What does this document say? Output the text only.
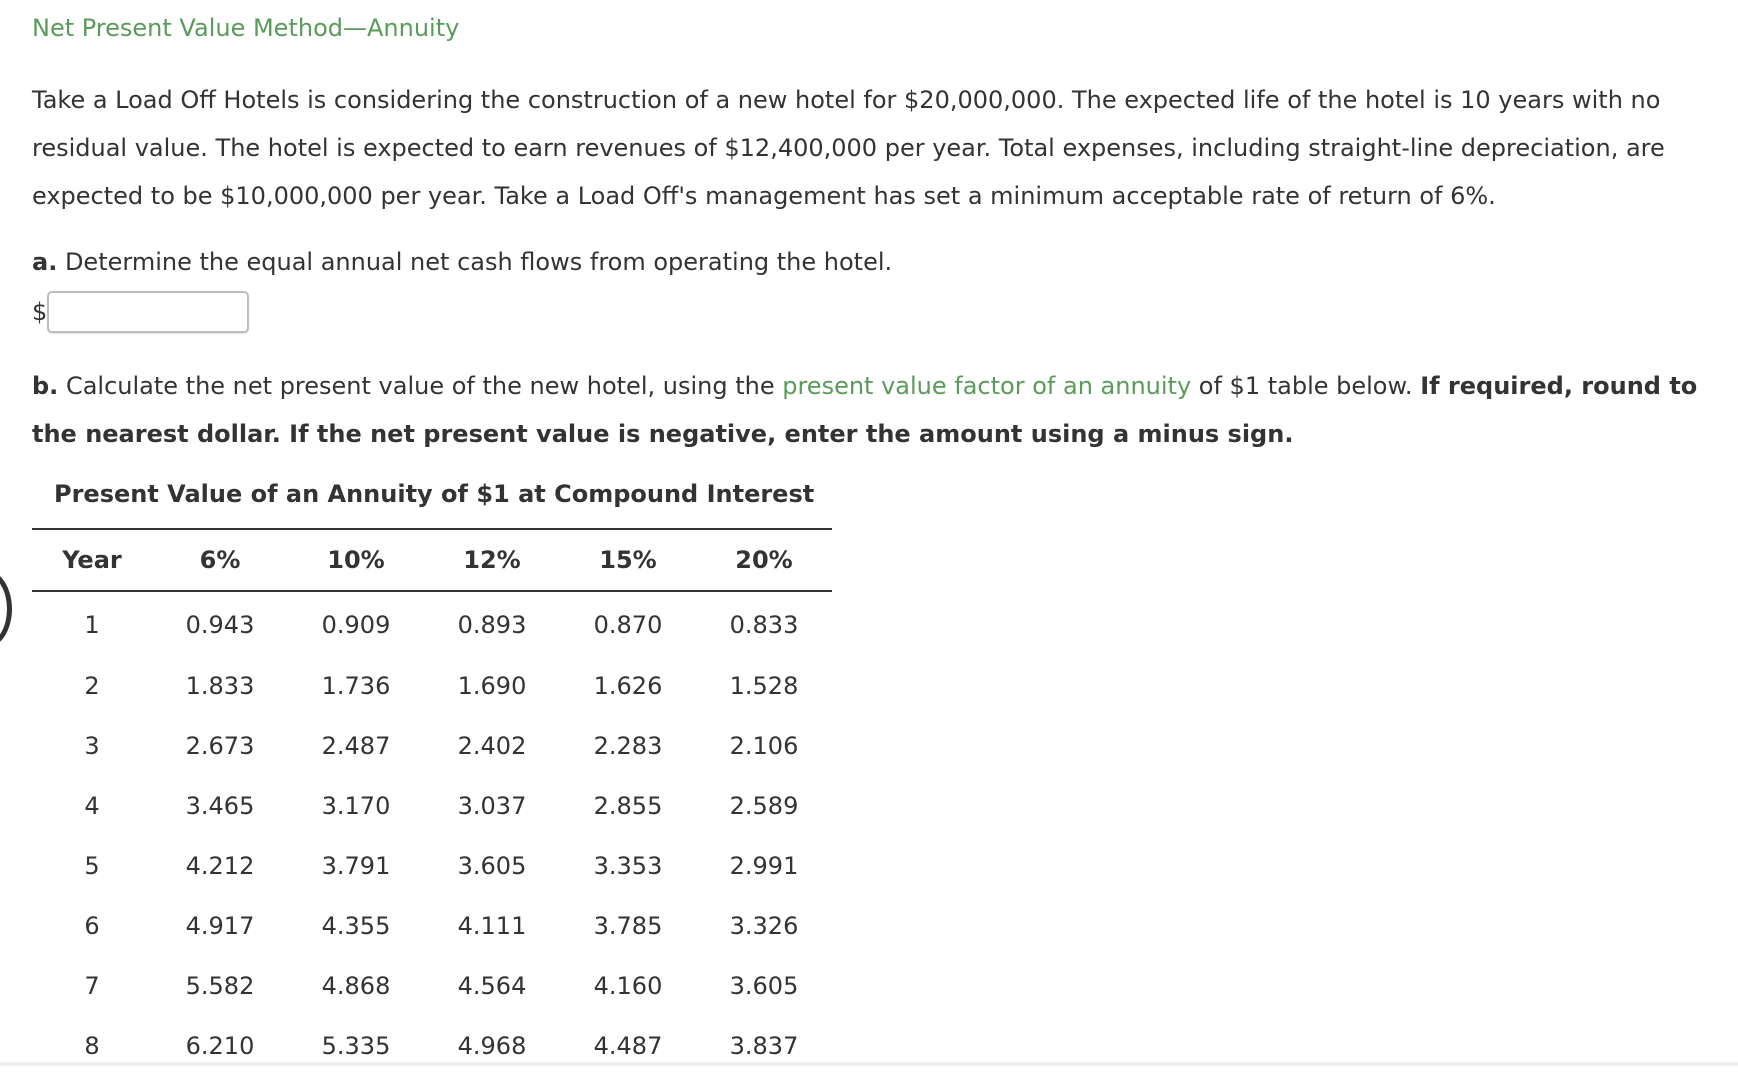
Net Present Value Method—Annuity

Take a Load Off Hotels is considering the construction of a new hotel for $20,000,000. The expected life of the hotel is 10 years with no residual value. The hotel is expected to earn revenues of $12,400,000 per year. Total expenses, including straight-line depreciation, are expected to be $10,000,000 per year. Take a Load Off's management has set a minimum acceptable rate of return of 6%.

a. Determine the equal annual net cash flows from operating the hotel.
$

b. Calculate the net present value of the new hotel, using the present value factor of an annuity of $1 table below. If required, round to the nearest dollar. If the net present value is negative, enter the amount using a minus sign.

Present Value of an Annuity of $1 at Compound Interest
Year	6%	10%	12%	15%	20%
1	0.943	0.909	0.893	0.870	0.833
2	1.833	1.736	1.690	1.626	1.528
3	2.673	2.487	2.402	2.283	2.106
4	3.465	3.170	3.037	2.855	2.589
5	4.212	3.791	3.605	3.353	2.991
6	4.917	4.355	4.111	3.785	3.326
7	5.582	4.868	4.564	4.160	3.605
8	6.210	5.335	4.968	4.487	3.837
